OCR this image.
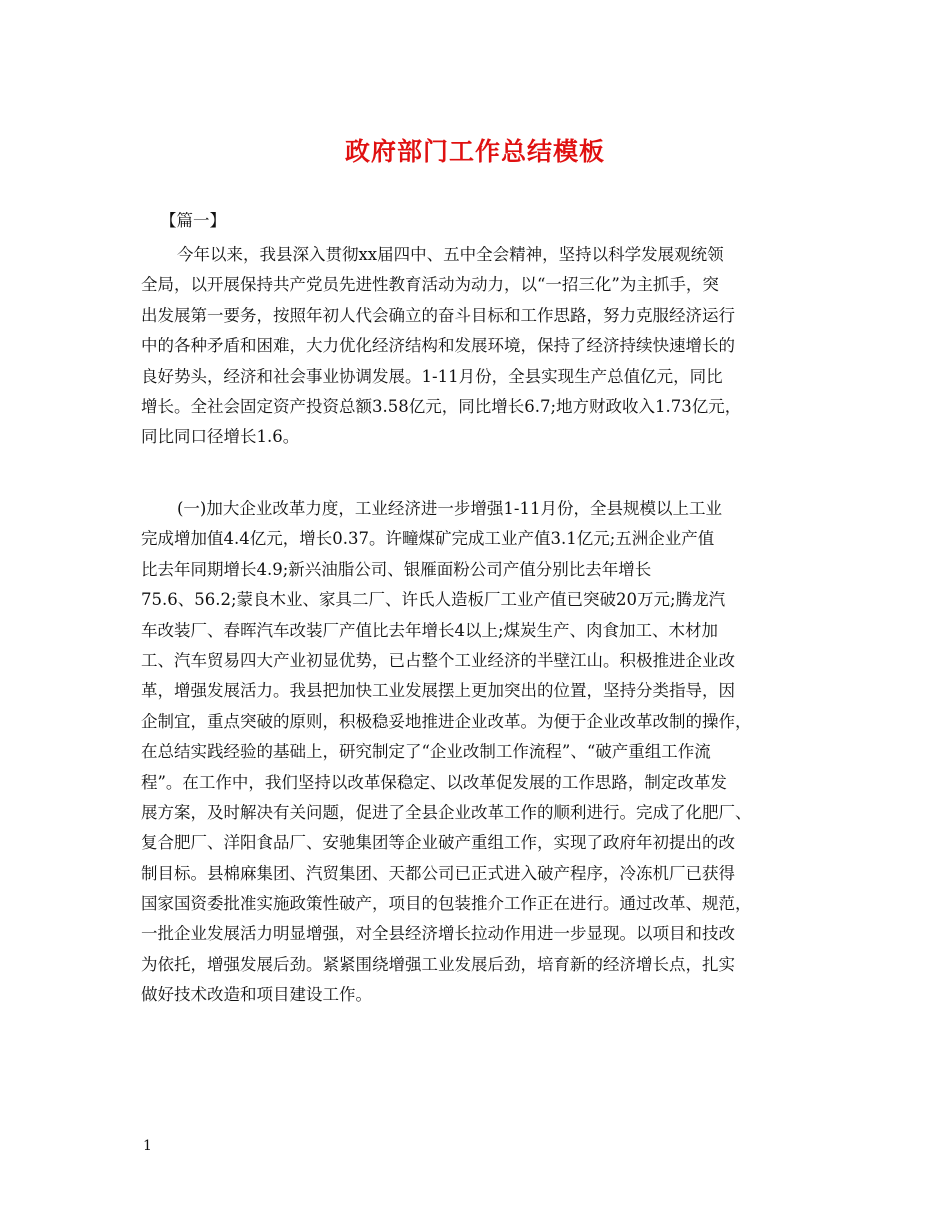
政府部门工作总结模板
【篇一】
今年以来，我县深入贯彻xx届四中、五中全会精神，坚持以科学发展观统领
全局，以开展保持共产党员先进性教育活动为动力，以“一招三化”为主抓手，突
出发展第一要务，按照年初人代会确立的奋斗目标和工作思路，努力克服经济运行
中的各种矛盾和困难，大力优化经济结构和发展环境，保持了经济持续快速增长的
良好势头，经济和社会事业协调发展。1-11月份，全县实现生产总值亿元，同比
增长。全社会固定资产投资总额3.58亿元，同比增长6.7;地方财政收入1.73亿元，
同比同口径增长1.6。
(一)加大企业改革力度，工业经济进一步增强1-11月份，全县规模以上工业
完成增加值4.4亿元，增长0.37。许疃煤矿完成工业产值3.1亿元;五洲企业产值
比去年同期增长4.9;新兴油脂公司、银雁面粉公司产值分别比去年增长
75.6、56.2;蒙良木业、家具二厂、许氏人造板厂工业产值已突破20万元;腾龙汽
车改装厂、春晖汽车改装厂产值比去年增长4以上;煤炭生产、肉食加工、木材加
工、汽车贸易四大产业初显优势，已占整个工业经济的半壁江山。积极推进企业改
革，增强发展活力。我县把加快工业发展摆上更加突出的位置，坚持分类指导，因
企制宜，重点突破的原则，积极稳妥地推进企业改革。为便于企业改革改制的操作，
在总结实践经验的基础上，研究制定了“企业改制工作流程”、“破产重组工作流
程”。在工作中，我们坚持以改革保稳定、以改革促发展的工作思路，制定改革发
展方案，及时解决有关问题，促进了全县企业改革工作的顺利进行。完成了化肥厂、
复合肥厂、洋阳食品厂、安驰集团等企业破产重组工作，实现了政府年初提出的改
制目标。县棉麻集团、汽贸集团、天都公司已正式进入破产程序，冷冻机厂已获得
国家国资委批准实施政策性破产，项目的包装推介工作正在进行。通过改革、规范，
一批企业发展活力明显增强，对全县经济增长拉动作用进一步显现。以项目和技改
为依托，增强发展后劲。紧紧围绕增强工业发展后劲，培育新的经济增长点，扎实
做好技术改造和项目建设工作。
1
